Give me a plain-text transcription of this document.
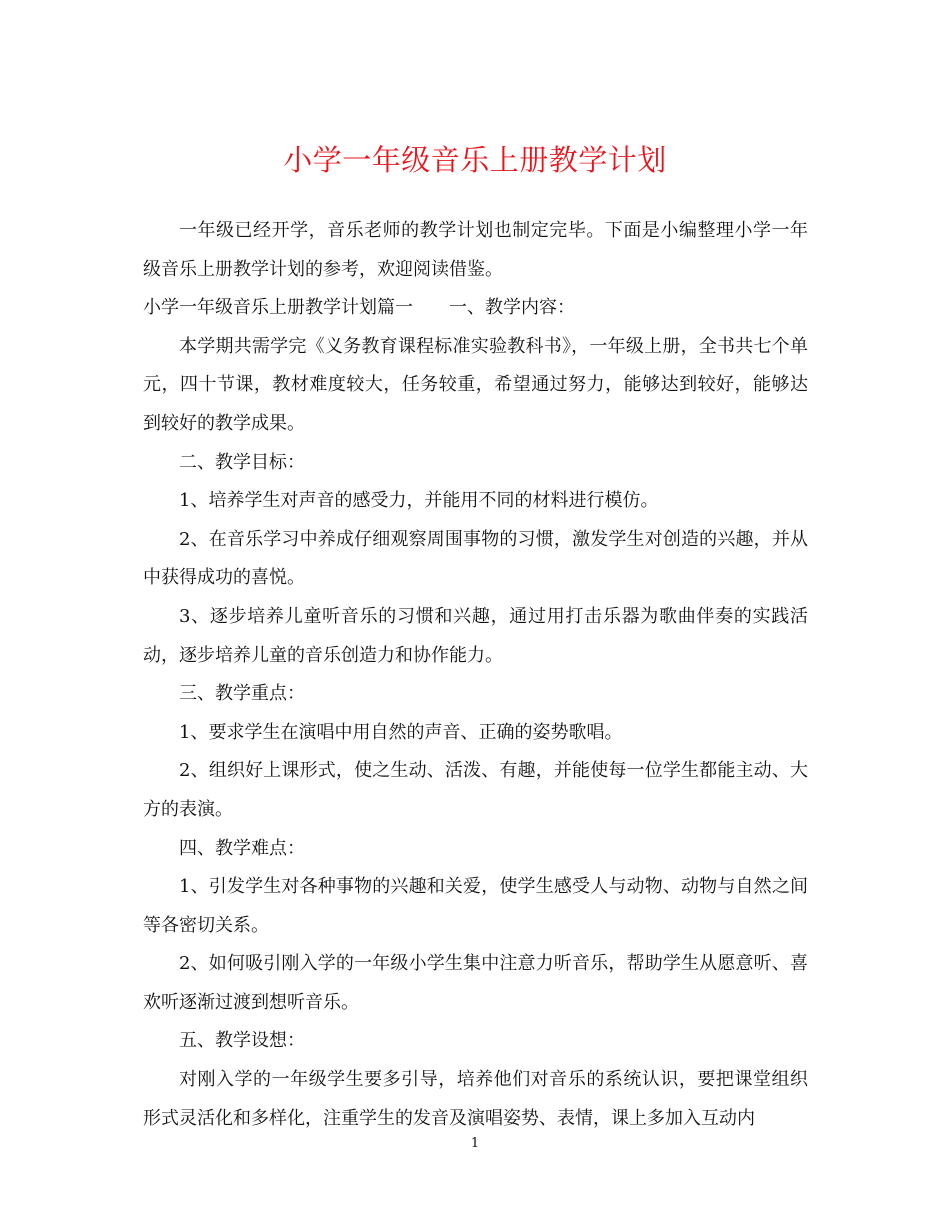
小学一年级音乐上册教学计划

一年级已经开学，音乐老师的教学计划也制定完毕。下面是小编整理小学一年级音乐上册教学计划的参考，欢迎阅读借鉴。

小学一年级音乐上册教学计划篇一 一、教学内容：

本学期共需学完《义务教育课程标准实验教科书》，一年级上册，全书共七个单元，四十节课，教材难度较大，任务较重，希望通过努力，能够达到较好，能够达到较好的教学成果。

二、教学目标：

1、培养学生对声音的感受力，并能用不同的材料进行模仿。

2、在音乐学习中养成仔细观察周围事物的习惯，激发学生对创造的兴趣，并从中获得成功的喜悦。

3、逐步培养儿童听音乐的习惯和兴趣，通过用打击乐器为歌曲伴奏的实践活动，逐步培养儿童的音乐创造力和协作能力。

三、教学重点：

1、要求学生在演唱中用自然的声音、正确的姿势歌唱。

2、组织好上课形式，使之生动、活泼、有趣，并能使每一位学生都能主动、大方的表演。

四、教学难点：

1、引发学生对各种事物的兴趣和关爱，使学生感受人与动物、动物与自然之间等各密切关系。

2、如何吸引刚入学的一年级小学生集中注意力听音乐，帮助学生从愿意听、喜欢听逐渐过渡到想听音乐。

五、教学设想：

对刚入学的一年级学生要多引导，培养他们对音乐的系统认识，要把课堂组织形式灵活化和多样化，注重学生的发音及演唱姿势、表情，课上多加入互动内

1
